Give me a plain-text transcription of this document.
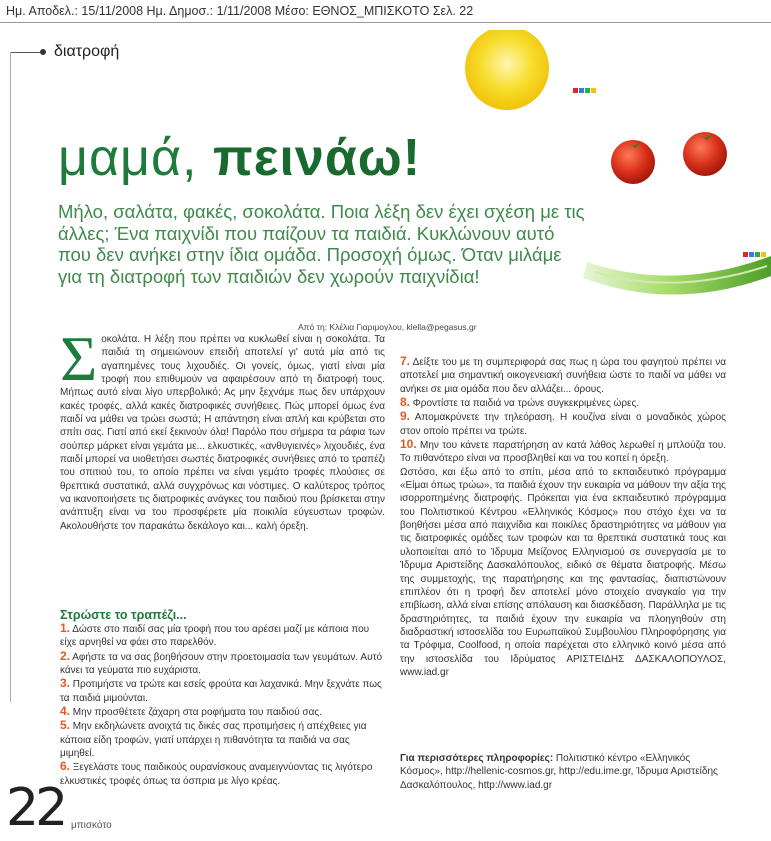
Ημ. Αποδελ.: 15/11/2008 Ημ. Δημοσ.: 1/11/2008 Μέσο: ΕΘΝΟΣ_ΜΠΙΣΚΟΤΟ Σελ. 22
διατροφή
μαμά, πεινάω!
Μήλο, σαλάτα, φακές, σοκολάτα. Ποια λέξη δεν έχει σχέση με τις άλλες; Ένα παιχνίδι που παίζουν τα παιδιά. Κυκλώνουν αυτό που δεν ανήκει στην ίδια ομάδα. Προσοχή όμως. Όταν μιλάμε για τη διατροφή των παιδιών δεν χωρούν παιχνίδια!
Από τη: Κλέλια Γιαριμογλου, klella@pegasus.gr
Σοκολάτα. Η λέξη που πρέπει να κυκλωθεί είναι η σοκολάτα. Τα παιδιά τη σημειώνουν επειδή αποτελεί γι' αυτά μία από τις αγαπημένες τους λιχουδιές. Οι γονείς, όμως, γιατί είναι μία τροφή που επιθυμούν να αφαιρέσουν από τη διατροφή τους. Μήπως αυτό είναι λίγο υπερβολικό; Ας μην ξεχνάμε πως δεν υπάρχουν κακές τροφές, αλλά κακές διατροφικές συνήθειες. Πώς μπορεί όμως ένα παιδί να μάθει να τρώει σωστά; Η απάντηση είναι απλή και κρύβεται στο σπίτι σας. Γιατί από εκεί ξεκινούν όλα! Παρόλο που σήμερα τα ράφια των σούπερ μάρκετ είναι γεμάτα με... ελκυστικές, «ανθυγιεινές» λιχουδιές, ένα παιδί μπορεί να υιοθετήσει σωστές διατροφικές συνήθειες από το τραπέζι του σπιτιού του, το οποίο πρέπει να είναι γεμάτο τροφές πλούσιες σε θρεπτικά συστατικά, αλλά συγχρόνως και νόστιμες. Ο καλύτερος τρόπος να ικανοποιήσετε τις διατροφικές ανάγκες του παιδιού που βρίσκεται στην ανάπτυξη είναι να του προσφέρετε μία ποικιλία εύγευστων τροφών. Ακολουθήστε τον παρακάτω δεκάλογο και... καλή όρεξη.
Στρώστε το τραπέζι...

1. Δώστε στο παιδί σας μία τροφή που του αρέσει μαζί με κάποια που είχε αρνηθεί να φάει στο παρελθόν.

2. Αφήστε τα να σας βοηθήσουν στην προετοιμασία των γευμάτων. Αυτό κάνει τα γεύματα πιο ευχάριστα.

3. Προτιμήστε να τρώτε και εσείς φρούτα και λαχανικά. Μην ξεχνάτε πως τα παιδιά μιμούνται.

4. Μην προσθέτετε ζάχαρη στα ροφήματα του παιδιού σας.

5. Μην εκδηλώνετε ανοιχτά τις δικές σας προτιμήσεις ή απέχθειες για κάποια είδη τροφών, γιατί υπάρχει η πιθανότητα τα παιδιά να σας μιμηθεί.

6. Ξεγελάστε τους παιδικούς ουρανίσκους αναμειγνύοντας τις λιγότερο ελκυστικές τροφές όπως τα όσπρια με λίγο κρέας.

7. Δείξτε του με τη συμπεριφορά σας πως η ώρα του φαγητού πρέπει να αποτελεί μια σημαντική οικογενειακή συνήθεια ώστε το παιδί να μάθει να ανήκει σε μια ομάδα που δεν αλλάζει... όρους.

8. Φροντίστε τα παιδιά να τρώνε συγκεκριμένες ώρες.

9. Απομακρύνετε την τηλεόραση. Η κουζίνα είναι ο μοναδικός χώρος στον οποίο πρέπει να τρώτε.

10. Μην του κάνετε παρατήρηση αν κατά λάθος λερωθεί η μπλούζα του. Το πιθανότερο είναι να προσβληθεί και να του κοπεί η όρεξη.

Ωστόσο, και έξω από το σπίτι, μέσα από το εκπαιδευτικό πρόγραμμα «Είμαι όπως τρώω», τα παιδιά έχουν την ευκαιρία να μάθουν την αξία της ισορροπημένης διατροφής. Πρόκειται για ένα εκπαιδευτικό πρόγραμμα του Πολιτιστικού Κέντρου «Ελληνικός Κόσμος» που στόχο έχει να τα βοηθήσει μέσα από παιχνίδια και ποικίλες δραστηριότητες να μάθουν για τις διατροφικές ομάδες των τροφών και τα θρεπτικά συστατικά τους και υλοποιείται από το Ίδρυμα Μείζονος Ελληνισμού σε συνεργασία με το Ίδρυμα Αριστείδης Δασκαλόπουλος, ειδικό σε θέματα διατροφής. Μέσω της συμμετοχής, της παρατήρησης και της φαντασίας, διαπιστώνουν επιπλέον ότι η τροφή δεν αποτελεί μόνο στοιχείο αναγκαίο για την επιβίωση, αλλά είναι επίσης απόλαυση και διασκέδαση. Παράλληλα με τις δραστηριότητες, τα παιδιά έχουν την ευκαιρία να πλοηγηθούν στη διαδραστική ιστοσελίδα του Ευρωπαϊκού Συμβουλίου Πληροφόρησης για τα Τρόφιμα, Coolfood, η οποία παρέχεται στο ελληνικό κοινό μέσα από την ιστοσελίδα του Ιδρύματος ΑΡΙΣΤΕΙΔΗΣ ΔΑΣΚΑΛΟΠΟΥΛΟΣ, www.iad.gr

Για περισσότερες πληροφορίες: Πολιτιστικό κέντρο «Ελληνικός Κόσμος», http://hellenic-cosmos.gr, http://edu.ime.gr, Ίδρυμα Αριστείδης Δασκαλόπουλος, http://www.iad.gr
22 μπισκότο
